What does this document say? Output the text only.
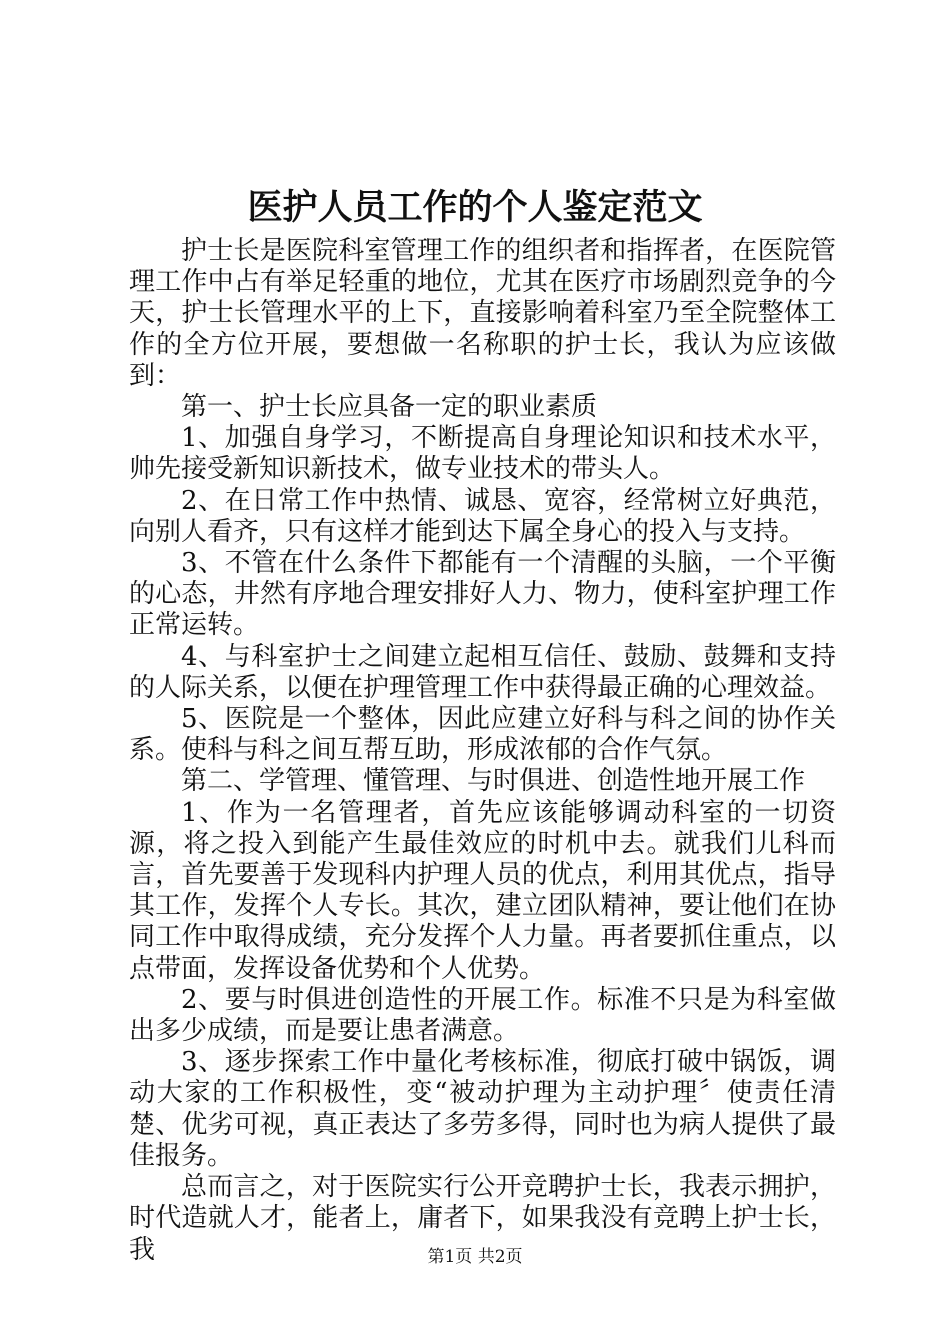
医护人员工作的个人鉴定范文

护士长是医院科室管理工作的组织者和指挥者，在医院管理工作中占有举足轻重的地位，尤其在医疗市场剧烈竞争的今天，护士长管理水平的上下，直接影响着科室乃至全院整体工作的全方位开展，要想做一名称职的护士长，我认为应该做到：

第一、护士长应具备一定的职业素质

1、加强自身学习，不断提高自身理论知识和技术水平，帅先接受新知识新技术，做专业技术的带头人。

2、在日常工作中热情、诚恳、宽容，经常树立好典范，向别人看齐，只有这样才能到达下属全身心的投入与支持。

3、不管在什么条件下都能有一个清醒的头脑，一个平衡的心态，井然有序地合理安排好人力、物力，使科室护理工作正常运转。

4、与科室护士之间建立起相互信任、鼓励、鼓舞和支持的人际关系，以便在护理管理工作中获得最正确的心理效益。

5、医院是一个整体，因此应建立好科与科之间的协作关系。使科与科之间互帮互助，形成浓郁的合作气氛。

第二、学管理、懂管理、与时俱进、创造性地开展工作

1、作为一名管理者，首先应该能够调动科室的一切资源，将之投入到能产生最佳效应的时机中去。就我们儿科而言，首先要善于发现科内护理人员的优点，利用其优点，指导其工作，发挥个人专长。其次，建立团队精神，要让他们在协同工作中取得成绩，充分发挥个人力量。再者要抓住重点，以点带面，发挥设备优势和个人优势。

2、要与时俱进创造性的开展工作。标准不只是为科室做出多少成绩，而是要让患者满意。

3、逐步探索工作中量化考核标准，彻底打破中锅饭，调动大家的工作积极性，变“被动护理为主动护理〞使责任清楚、优劣可视，真正表达了多劳多得，同时也为病人提供了最佳报务。

总而言之，对于医院实行公开竞聘护士长，我表示拥护，时代造就人才，能者上，庸者下，如果我没有竞聘上护士长，我	第1页 共2页
